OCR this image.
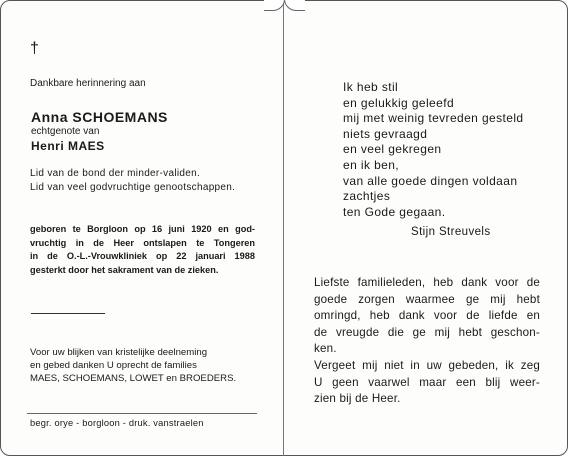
†
Dankbare herinnering aan
Anna SCHOEMANS
echtgenote van
Henri MAES
Lid van de bond der minder-validen.
Lid van veel godvruchtige genootschappen.
geboren te Borgloon op 16 juni 1920 en god-
vruchtig in de Heer ontslapen te Tongeren
in de O.-L.-Vrouwkliniek op 22 januari 1988
gesterkt door het sakrament van de zieken.
Voor uw blijken van kristelijke deelneming
en gebed danken U oprecht de families
MAES, SCHOEMANS, LOWET en BROEDERS.
begr. orye - borgloon - druk. vanstraelen
Ik heb stil
en gelukkig geleefd
mij met weinig tevreden gesteld
niets gevraagd
en veel gekregen
en ik ben,
van alle goede dingen voldaan
zachtjes
ten Gode gegaan.
Stijn Streuvels
Liefste familieleden, heb dank voor de
goede zorgen waarmee ge mij hebt
omringd, heb dank voor de liefde en
de vreugde die ge mij hebt geschon-
ken.
Vergeet mij niet in uw gebeden, ik zeg
U geen vaarwel maar een blij weer-
zien bij de Heer.
